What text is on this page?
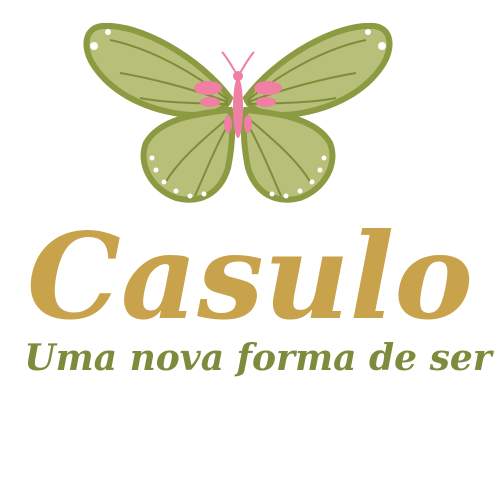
Casulo
Uma nova forma de ser
